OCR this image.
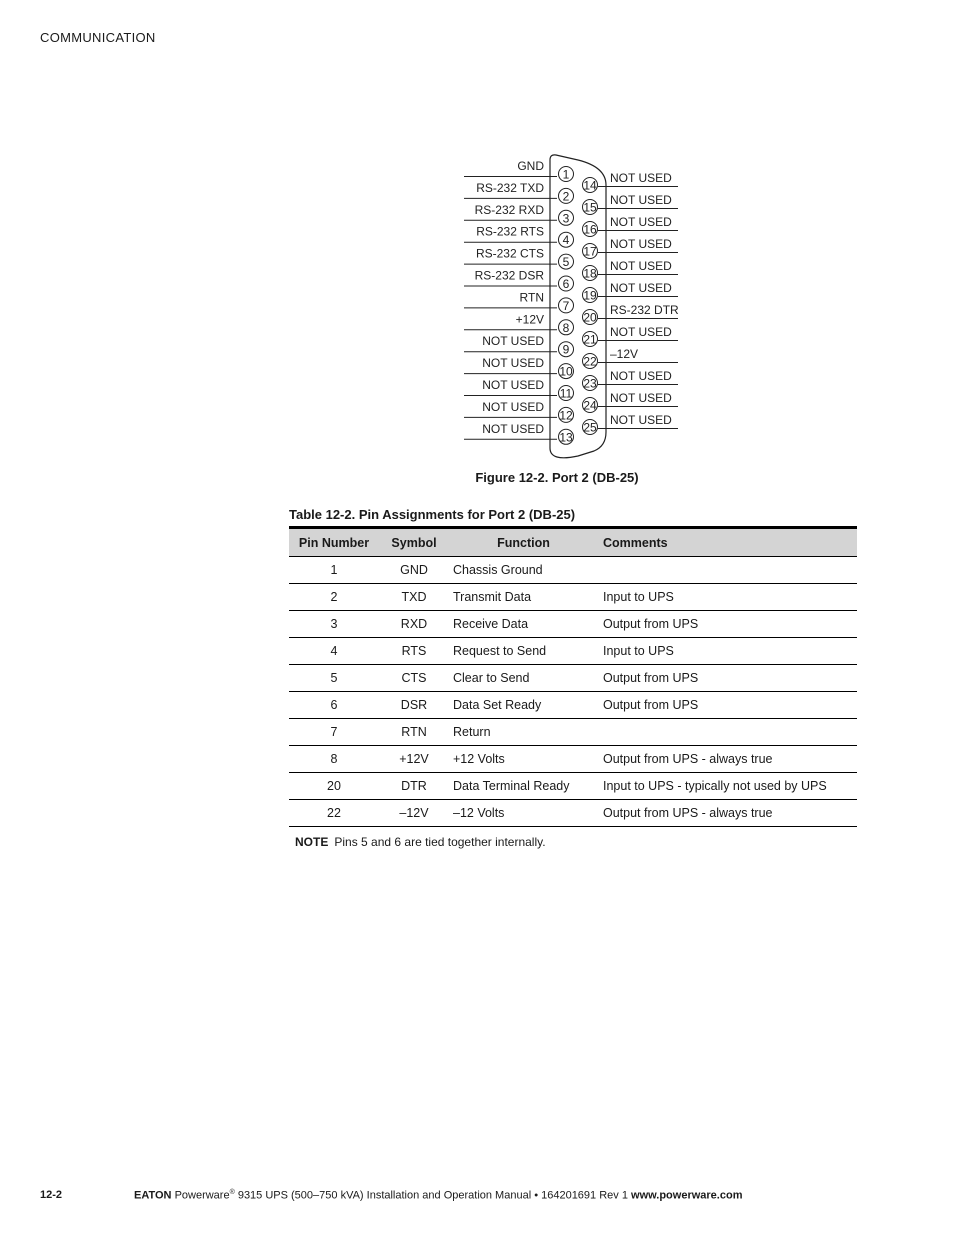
COMMUNICATION
1
GND
2
RS-232 TXD
3
RS-232 RXD
4
RS-232 RTS
5
RS-232 CTS
6
RS-232 DSR
7
RTN
8
+12V
9
NOT USED
10
NOT USED
11
NOT USED
12
NOT USED
13
NOT USED
14
NOT USED
15
NOT USED
16
NOT USED
17
NOT USED
18
NOT USED
19
NOT USED
20
RS-232 DTR
21
NOT USED
22
–12V
23
NOT USED
24
NOT USED
25
NOT USED
Figure 12-2. Port 2 (DB-25)
Table 12-2. Pin Assignments for Port 2 (DB-25)
Pin Number	Symbol	Function	Comments
1	GND	Chassis Ground	
2	TXD	Transmit Data	Input to UPS
3	RXD	Receive Data	Output from UPS
4	RTS	Request to Send	Input to UPS
5	CTS	Clear to Send	Output from UPS
6	DSR	Data Set Ready	Output from UPS
7	RTN	Return	
8	+12V	+12 Volts	Output from UPS - always true
20	DTR	Data Terminal Ready	Input to UPS - typically not used by UPS
22	–12V	–12 Volts	Output from UPS - always true
NOTE Pins 5 and 6 are tied together internally.
12-2	EATON Powerware® 9315 UPS (500–750 kVA) Installation and Operation Manual • 164201691 Rev 1 www.powerware.com
